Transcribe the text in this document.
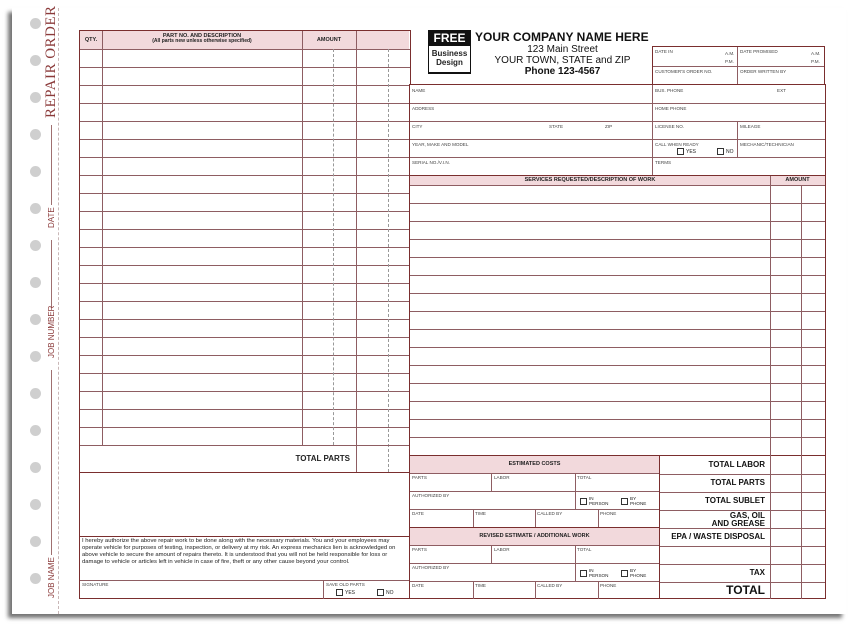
REPAIR ORDER
DATE
JOB NUMBER
JOB NAME
QTY.
PART NO. AND DESCRIPTION
(All parts new unless otherwise specified)	AMOUNT
TOTAL PARTS
I hereby authorize the above repair work to be done along with the necessary materials. You and your employees may operate vehicle for purposes of testing, inspection, or delivery at my risk. An express mechanics lien is acknowledged on above vehicle to secure the amount of repairs thereto. It is understood that you will not be held responsible for loss or damage to vehicle or articles left in vehicle in case of fire, theft or any other cause beyond your control.
SIGNATURE	SAVE OLD PARTS
YES	NO
FREE
Business
Design
YOUR COMPANY NAME HERE
123 Main Street
YOUR TOWN, STATE and ZIP
Phone 123-4567
DATE IN	A.M.
P.M.
DATE PROMISED	A.M.
P.M.
CUSTOMER'S ORDER NO.	ORDER WRITTEN BY
NAME
ADDRESS
CITY	STATE	ZIP
YEAR, MAKE AND MODEL
SERIAL NO./V.I.N.
BUS. PHONE	EXT
HOME PHONE
LICENSE NO.	MILEAGE
CALL WHEN READY
YES	NO
MECHANIC/TECHNICIAN
TERMS
SERVICES REQUESTED/DESCRIPTION OF WORK	AMOUNT
ESTIMATED COSTS
PARTS	LABOR	TOTAL
AUTHORIZED BY
IN
PERSON
BY
PHONE
DATE	TIME	CALLED BY	PHONE
REVISED ESTIMATE / ADDITIONAL WORK
PARTS	LABOR	TOTAL
AUTHORIZED BY
IN
PERSON
BY
PHONE
DATE	TIME	CALLED BY	PHONE
TOTAL LABOR
TOTAL PARTS
TOTAL SUBLET
GAS, OIL
AND GREASE
EPA / WASTE DISPOSAL
TAX
TOTAL
